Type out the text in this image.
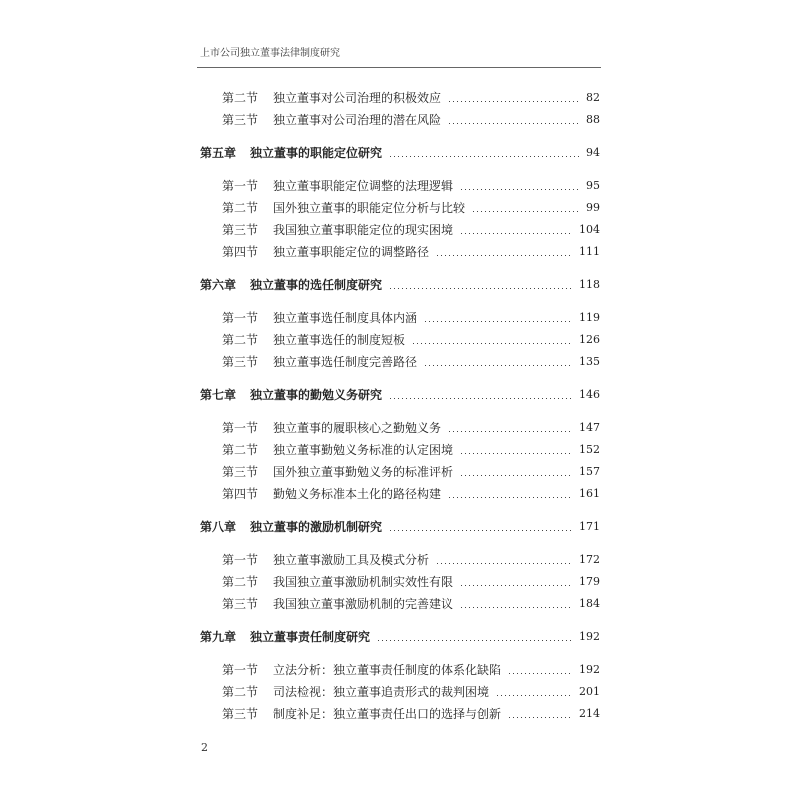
上市公司独立董事法律制度研究
第二节	独立董事对公司治理的积极效应	82
第三节	独立董事对公司治理的潜在风险	88
第五章	独立董事的职能定位研究	94
第一节	独立董事职能定位调整的法理逻辑	95
第二节	国外独立董事的职能定位分析与比较	99
第三节	我国独立董事职能定位的现实困境	104
第四节	独立董事职能定位的调整路径	111
第六章	独立董事的选任制度研究	118
第一节	独立董事选任制度具体内涵	119
第二节	独立董事选任的制度短板	126
第三节	独立董事选任制度完善路径	135
第七章	独立董事的勤勉义务研究	146
第一节	独立董事的履职核心之勤勉义务	147
第二节	独立董事勤勉义务标准的认定困境	152
第三节	国外独立董事勤勉义务的标准评析	157
第四节	勤勉义务标准本土化的路径构建	161
第八章	独立董事的激励机制研究	171
第一节	独立董事激励工具及模式分析	172
第二节	我国独立董事激励机制实效性有限	179
第三节	我国独立董事激励机制的完善建议	184
第九章	独立董事责任制度研究	192
第一节	立法分析：独立董事责任制度的体系化缺陷	192
第二节	司法检视：独立董事追责形式的裁判困境	201
第三节	制度补足：独立董事责任出口的选择与创新	214
2
